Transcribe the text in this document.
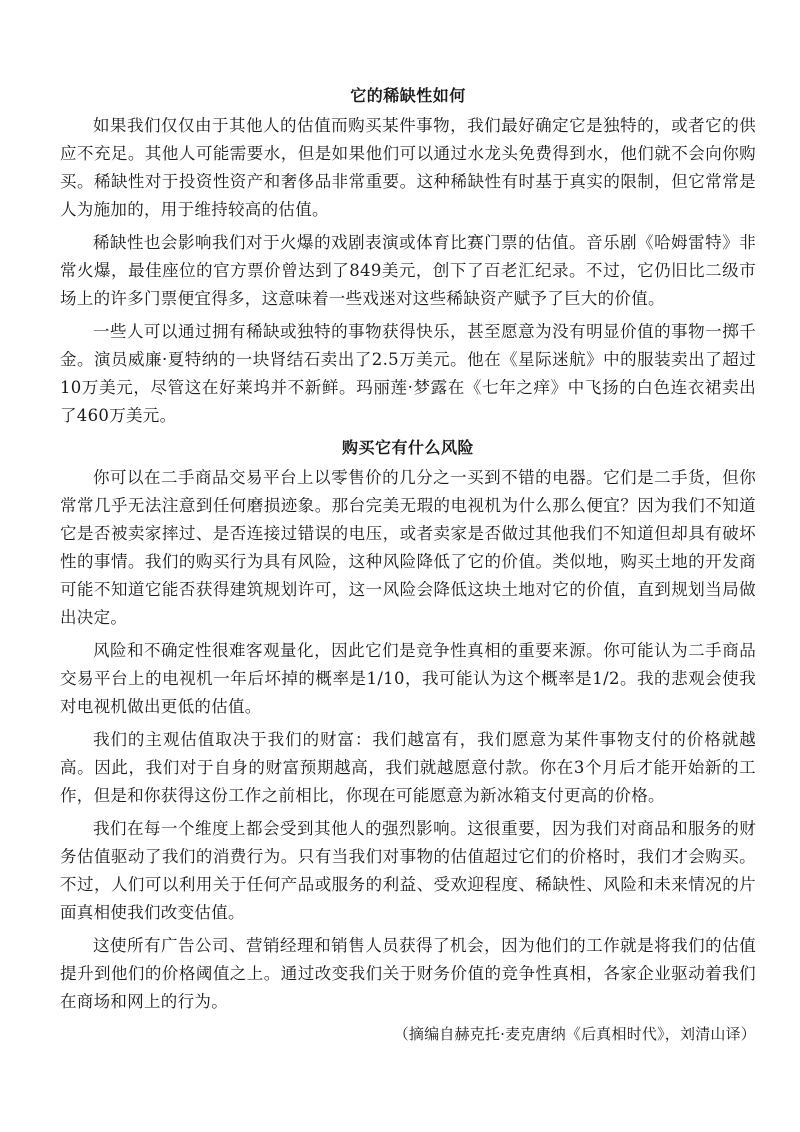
它的稀缺性如何

如果我们仅仅由于其他人的估值而购买某件事物，我们最好确定它是独特的，或者它的供应不充足。其他人可能需要水，但是如果他们可以通过水龙头免费得到水，他们就不会向你购买。稀缺性对于投资性资产和奢侈品非常重要。这种稀缺性有时基于真实的限制，但它常常是人为施加的，用于维持较高的估值。

稀缺性也会影响我们对于火爆的戏剧表演或体育比赛门票的估值。音乐剧《哈姆雷特》非常火爆，最佳座位的官方票价曾达到了849美元，创下了百老汇纪录。不过，它仍旧比二级市场上的许多门票便宜得多，这意味着一些戏迷对这些稀缺资产赋予了巨大的价值。

一些人可以通过拥有稀缺或独特的事物获得快乐，甚至愿意为没有明显价值的事物一掷千金。演员威廉·夏特纳的一块肾结石卖出了2.5万美元。他在《星际迷航》中的服装卖出了超过10万美元，尽管这在好莱坞并不新鲜。玛丽莲·梦露在《七年之痒》中飞扬的白色连衣裙卖出了460万美元。

购买它有什么风险

你可以在二手商品交易平台上以零售价的几分之一买到不错的电器。它们是二手货，但你常常几乎无法注意到任何磨损迹象。那台完美无瑕的电视机为什么那么便宜？因为我们不知道它是否被卖家摔过、是否连接过错误的电压，或者卖家是否做过其他我们不知道但却具有破坏性的事情。我们的购买行为具有风险，这种风险降低了它的价值。类似地，购买土地的开发商可能不知道它能否获得建筑规划许可，这一风险会降低这块土地对它的价值，直到规划当局做出决定。

风险和不确定性很难客观量化，因此它们是竞争性真相的重要来源。你可能认为二手商品交易平台上的电视机一年后坏掉的概率是1/10，我可能认为这个概率是1/2。我的悲观会使我对电视机做出更低的估值。

我们的主观估值取决于我们的财富：我们越富有，我们愿意为某件事物支付的价格就越高。因此，我们对于自身的财富预期越高，我们就越愿意付款。你在3个月后才能开始新的工作，但是和你获得这份工作之前相比，你现在可能愿意为新冰箱支付更高的价格。

我们在每一个维度上都会受到其他人的强烈影响。这很重要，因为我们对商品和服务的财务估值驱动了我们的消费行为。只有当我们对事物的估值超过它们的价格时，我们才会购买。不过，人们可以利用关于任何产品或服务的利益、受欢迎程度、稀缺性、风险和未来情况的片面真相使我们改变估值。

这使所有广告公司、营销经理和销售人员获得了机会，因为他们的工作就是将我们的估值提升到他们的价格阈值之上。通过改变我们关于财务价值的竞争性真相，各家企业驱动着我们在商场和网上的行为。

（摘编自赫克托·麦克唐纳《后真相时代》，刘清山译）
